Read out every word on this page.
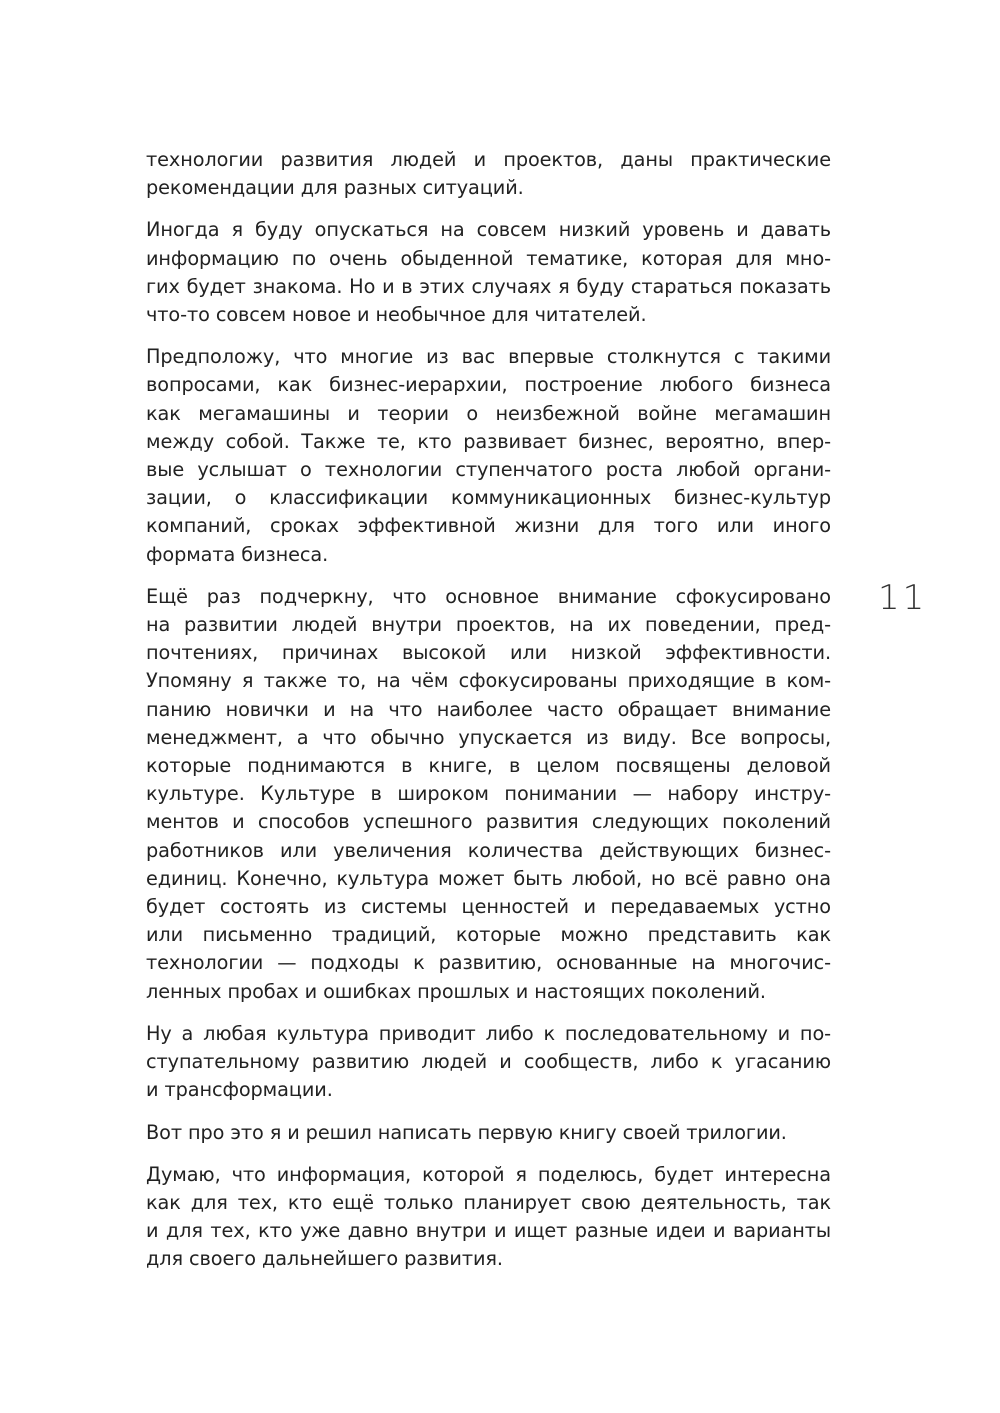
технологии развития людей и проектов, даны практические
рекомендации для разных ситуаций.

Иногда я буду опускаться на совсем низкий уровень и давать
информацию по очень обыденной тематике, которая для мно-
гих будет знакома. Но и в этих случаях я буду стараться показать
что-то совсем новое и необычное для читателей.

Предположу, что многие из вас впервые столкнутся с такими
вопросами, как бизнес-иерархии, построение любого бизнеса
как мегамашины и теории о неизбежной войне мегамашин
между собой. Также те, кто развивает бизнес, вероятно, впер-
вые услышат о технологии ступенчатого роста любой органи-
зации, о классификации коммуникационных бизнес-культур
компаний, сроках эффективной жизни для того или иного
формата бизнеса.

Ещё раз подчеркну, что основное внимание сфокусировано
на развитии людей внутри проектов, на их поведении, пред-
почтениях, причинах высокой или низкой эффективности.
Упомяну я также то, на чём сфокусированы приходящие в ком-
панию новички и на что наиболее часто обращает внимание
менеджмент, а что обычно упускается из виду. Все вопросы,
которые поднимаются в книге, в целом посвящены деловой
культуре. Культуре в широком понимании — набору инстру-
ментов и способов успешного развития следующих поколений
работников или увеличения количества действующих бизнес-
единиц. Конечно, культура может быть любой, но всё равно она
будет состоять из системы ценностей и передаваемых устно
или письменно традиций, которые можно представить как
технологии — подходы к развитию, основанные на многочис-
ленных пробах и ошибках прошлых и настоящих поколений.

Ну а любая культура приводит либо к последовательному и по-
ступательному развитию людей и сообществ, либо к угасанию
и трансформации.

Вот про это я и решил написать первую книгу своей трилогии.

Думаю, что информация, которой я поделюсь, будет интересна
как для тех, кто ещё только планирует свою деятельность, так
и для тех, кто уже давно внутри и ищет разные идеи и варианты
для своего дальнейшего развития.

11
